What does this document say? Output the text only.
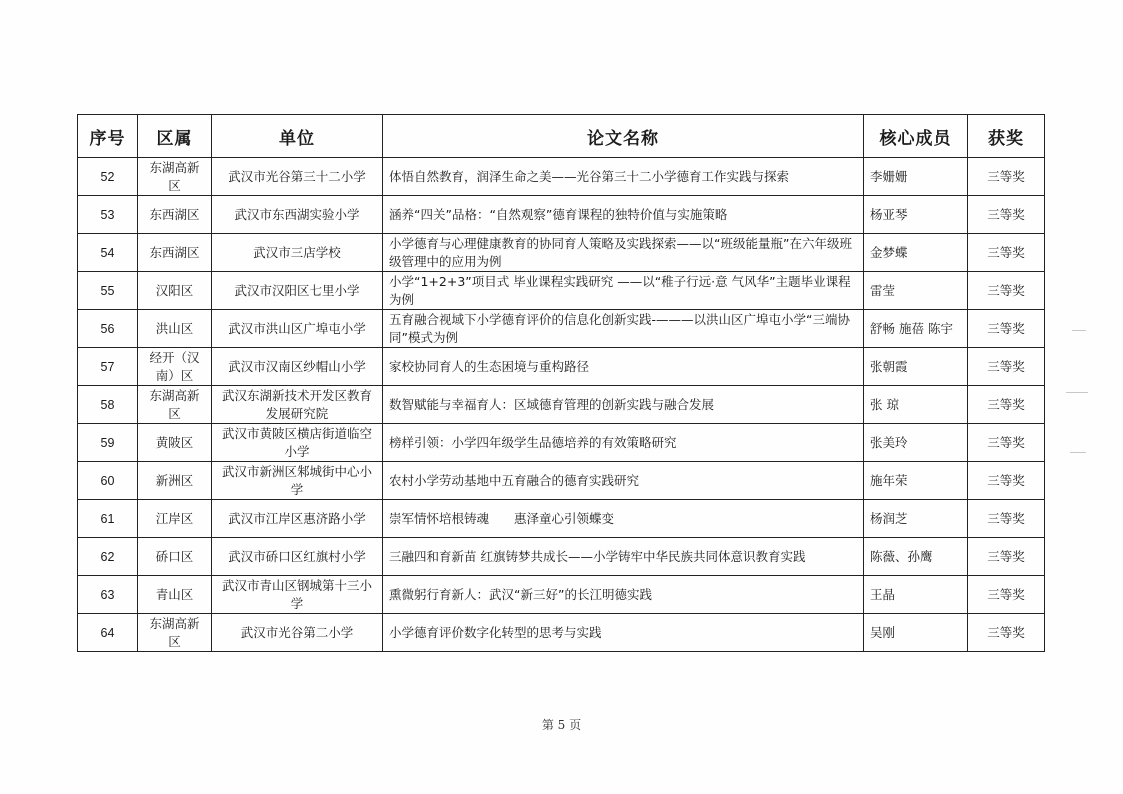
序号	区属	单位	论文名称	核心成员	获奖
52	东湖高新区	武汉市光谷第三十二小学	体悟自然教育，润泽生命之美——光谷第三十二小学德育工作实践与探索	李姗姗	三等奖
53	东西湖区	武汉市东西湖实验小学	涵养“四关”品格：“自然观察”德育课程的独特价值与实施策略	杨亚琴	三等奖
54	东西湖区	武汉市三店学校	小学德育与心理健康教育的协同育人策略及实践探索——以“班级能量瓶”在六年级班级管理中的应用为例	金梦蝶	三等奖
55	汉阳区	武汉市汉阳区七里小学	小学“1+2+3”项目式 毕业课程实践研究 ——以“稚子行远·意 气风华”主题毕业课程为例	雷莹	三等奖
56	洪山区	武汉市洪山区广埠屯小学	五育融合视域下小学德育评价的信息化创新实践-———以洪山区广埠屯小学“三端协同”模式为例	舒畅 施蓓 陈宇	三等奖
57	经开（汉南）区	武汉市汉南区纱帽山小学	家校协同育人的生态困境与重构路径	张朝霞	三等奖
58	东湖高新区	武汉东湖新技术开发区教育发展研究院	数智赋能与幸福育人：区域德育管理的创新实践与融合发展	张 琼	三等奖
59	黄陂区	武汉市黄陂区横店街道临空小学	榜样引领：小学四年级学生品德培养的有效策略研究	张美玲	三等奖
60	新洲区	武汉市新洲区邾城街中心小学	农村小学劳动基地中五育融合的德育实践研究	施年荣	三等奖
61	江岸区	武汉市江岸区惠济路小学	崇军情怀培根铸魂　　惠泽童心引领蝶变	杨润芝	三等奖
62	硚口区	武汉市硚口区红旗村小学	三融四和育新苗 红旗铸梦共成长——小学铸牢中华民族共同体意识教育实践	陈薇、孙鹰	三等奖
63	青山区	武汉市青山区钢城第十三小学	熏微躬行育新人：武汉“新三好”的长江明德实践	王晶	三等奖
64	东湖高新区	武汉市光谷第二小学	小学德育评价数字化转型的思考与实践	吴刚	三等奖
第 5 页
